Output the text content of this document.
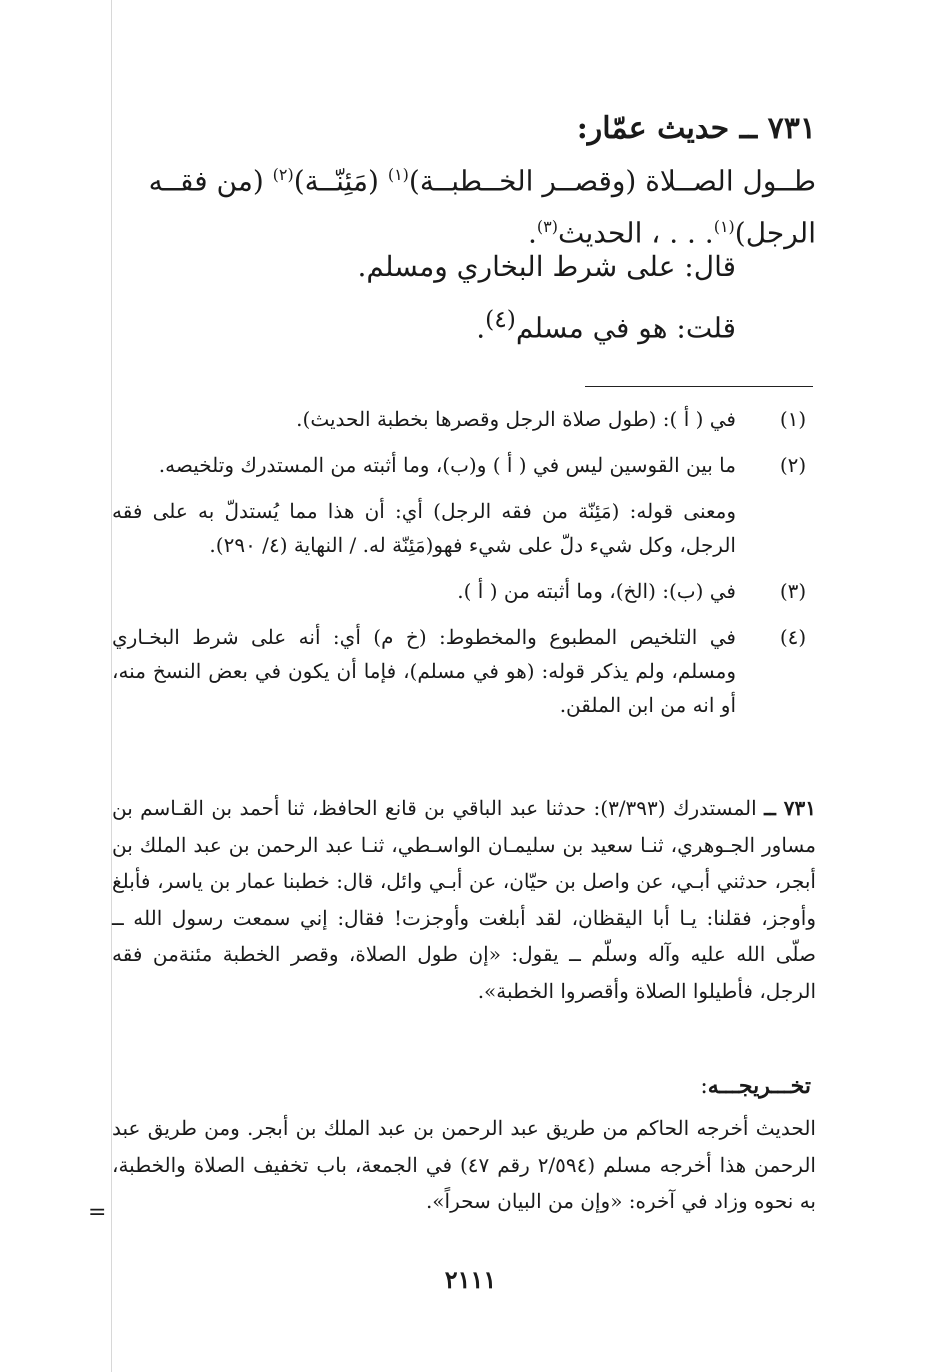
٧٣١ ــ حديث عمّار:

طــول الصــلاة (وقصــر الخــطبــة)$^{(١)}$ (مَئِنّــة)$^{(٢)}$ (من فقــه

الرجل)$^{(١)}$. . . ، الحديث$^{(٣)}$.

قال: على شرط البخاري ومسلم.

قلت: هو في مسلم$^{(٤)}$.

(١)
في ( أ ): (طول صلاة الرجل وقصرها بخطبة الحديث).
(٢)
ما بين القوسين ليس في ( أ ) و(ب)، وما أثبته من المستدرك وتلخيصه.

ومعنى قوله: (مَئِنّة من فقه الرجل) أي: أن هذا مما يُستدلّ به على فقه الرجل، وكل شيء دلّ على شيء فهو(مَئِنّة له. / النهاية (٤/ ٢٩٠).

(٣)
في (ب): (الخ)، وما أثبته من ( أ ).
(٤)
في التلخيص المطبوع والمخطوط: (خ م) أي: أنه على شرط البخـاري ومسلم، ولم يذكر قوله: (هو في مسلم)، فإما أن يكون في بعض النسخ منه، أو انه من ابن الملقن.
٧٣١ ــ المستدرك (٣/٣٩٣): حدثنا عبد الباقي بن قانع الحافظ، ثنا أحمد بن القـاسم بن مساور الجـوهري، ثنـا سعيد بن سليمـان الواسـطي، ثنـا عبد الرحمن بن عبد الملك بن أبجر، حدثني أبـي، عن واصل بن حيّان، عن أبـي وائل، قال: خطبنا عمار بن ياسر، فأبلغ وأوجز، فقلنا: يـا أبا اليقظان، لقد أبلغت وأوجزت! فقال: إني سمعت رسول الله ــ صلّى الله عليه وآله وسلّم ــ يقول: «إن طول الصلاة، وقصر الخطبة مئنةمن فقه الرجل، فأطيلوا الصلاة وأقصروا الخطبة».
تخـــريجـــه:
الحديث أخرجه الحاكم من طريق عبد الرحمن بن عبد الملك بن أبجر. ومن طريق عبد الرحمن هذا أخرجه مسلم (٢/٥٩٤ رقم ٤٧) في الجمعة، باب تخفيف الصلاة والخطبة، به نحوه وزاد في آخره: «وإن من البيان سحراً».
=
٢١١١
